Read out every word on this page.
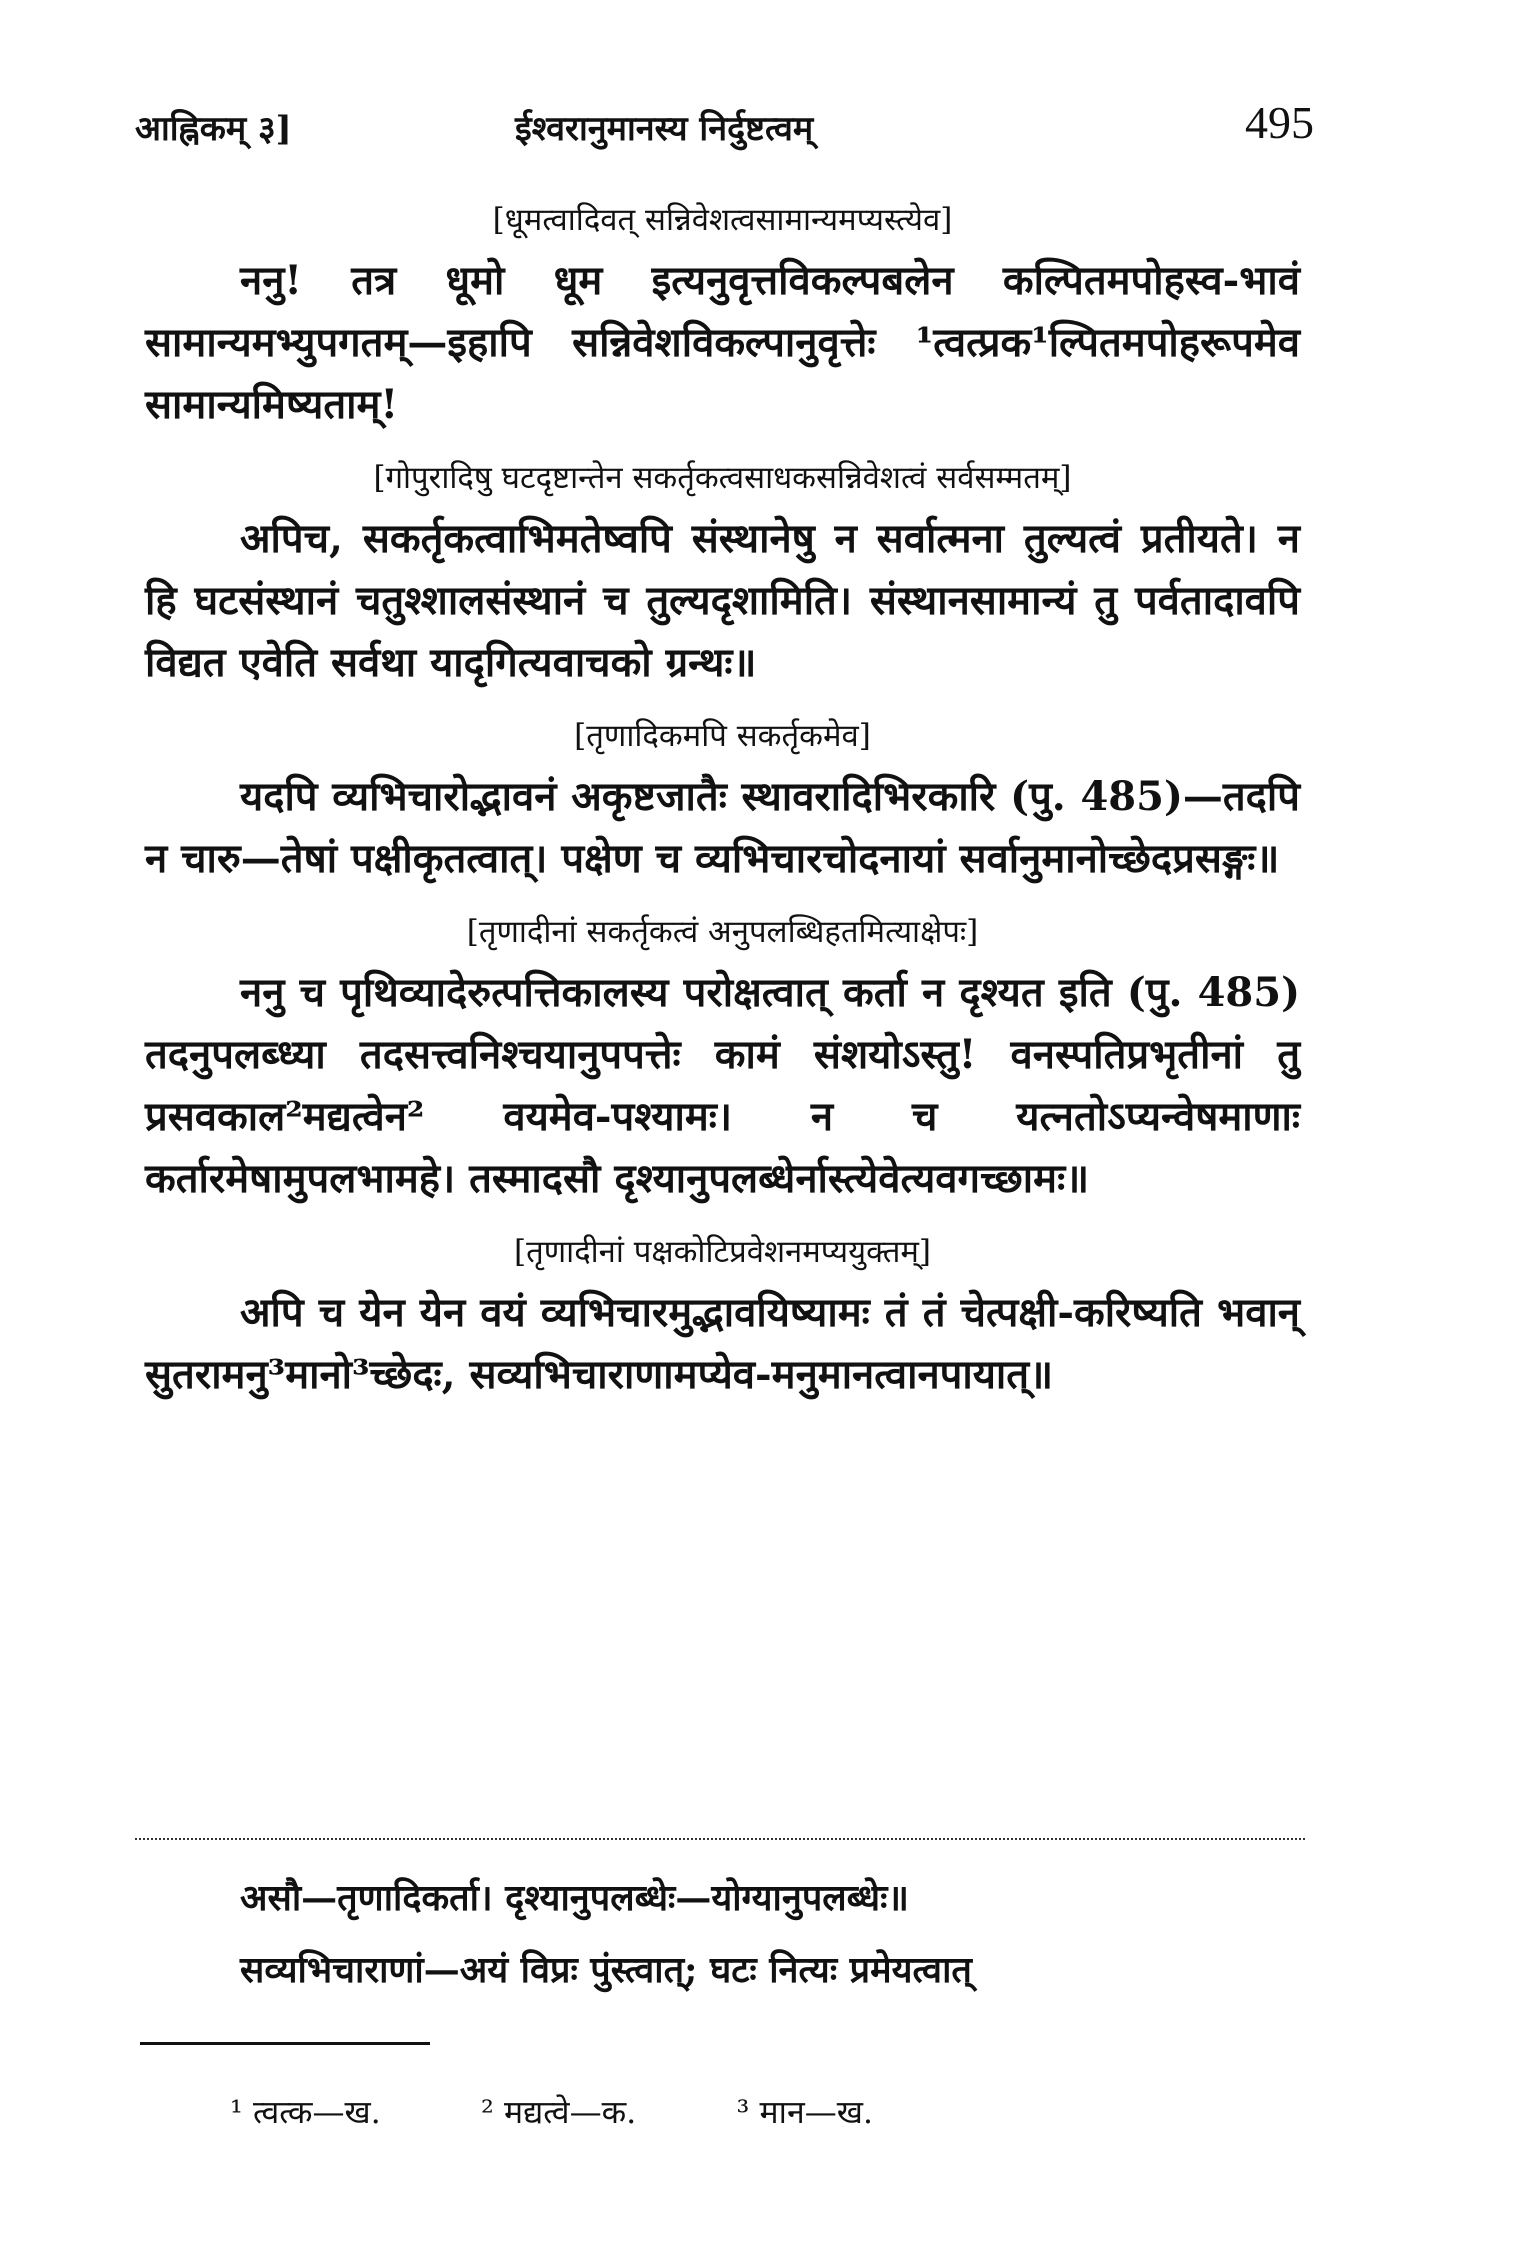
आह्निकम् ३]	ईश्वरानुमानस्य निर्दुष्टत्वम्	495

[धूमत्वादिवत् सन्निवेशत्वसामान्यमप्यस्त्येव]

ननु! तत्र धूमो धूम इत्यनुवृत्तविकल्पबलेन कल्पितमपोहस्व-भावं सामान्यमभ्युपगतम्—इहापि सन्निवेशविकल्पानुवृत्तेः ¹त्वत्प्रक¹ल्पितमपोहरूपमेव सामान्यमिष्यताम्!

[गोपुरादिषु घटदृष्टान्तेन सकर्तृकत्वसाधकसन्निवेशत्वं सर्वसम्मतम्]

अपिच, सकर्तृकत्वाभिमतेष्वपि संस्थानेषु न सर्वात्मना तुल्यत्वं प्रतीयते। न हि घटसंस्थानं चतुश्शालसंस्थानं च तुल्यदृशामिति। संस्थानसामान्यं तु पर्वतादावपि विद्यत एवेति सर्वथा यादृगित्यवाचको ग्रन्थः॥

[तृणादिकमपि सकर्तृकमेव]

यदपि व्यभिचारोद्भावनं अकृष्टजातैः स्थावरादिभिरकारि (पु. 485)—तदपि न चारु—तेषां पक्षीकृतत्वात्। पक्षेण च व्यभिचारचोदनायां सर्वानुमानोच्छेदप्रसङ्गः॥

[तृणादीनां सकर्तृकत्वं अनुपलब्धिहतमित्याक्षेपः]

ननु च पृथिव्यादेरुत्पत्तिकालस्य परोक्षत्वात् कर्ता न दृश्यत इति (पु. 485) तदनुपलब्ध्या तदसत्त्वनिश्चयानुपपत्तेः कामं संशयोऽस्तु! वनस्पतिप्रभृतीनां तु प्रसवकाल²मद्यत्वेन² वयमेव-पश्यामः। न च यत्नतोऽप्यन्वेषमाणाः कर्तारमेषामुपलभामहे। तस्मादसौ दृश्यानुपलब्धेर्नास्त्येवेत्यवगच्छामः॥

[तृणादीनां पक्षकोटिप्रवेशनमप्ययुक्तम्]

अपि च येन येन वयं व्यभिचारमुद्भावयिष्यामः तं तं चेत्पक्षी-करिष्यति भवान् सुतरामनु³मानो³च्छेदः, सव्यभिचाराणामप्येव-मनुमानत्वानपायात्॥

असौ—तृणादिकर्ता। दृश्यानुपलब्धेः—योग्यानुपलब्धेः॥

सव्यभिचाराणां—अयं विप्रः पुंस्त्वात्; घटः नित्यः प्रमेयत्वात्

¹ त्वत्क—ख.	² मद्यत्वे—क.	³ मान—ख.
